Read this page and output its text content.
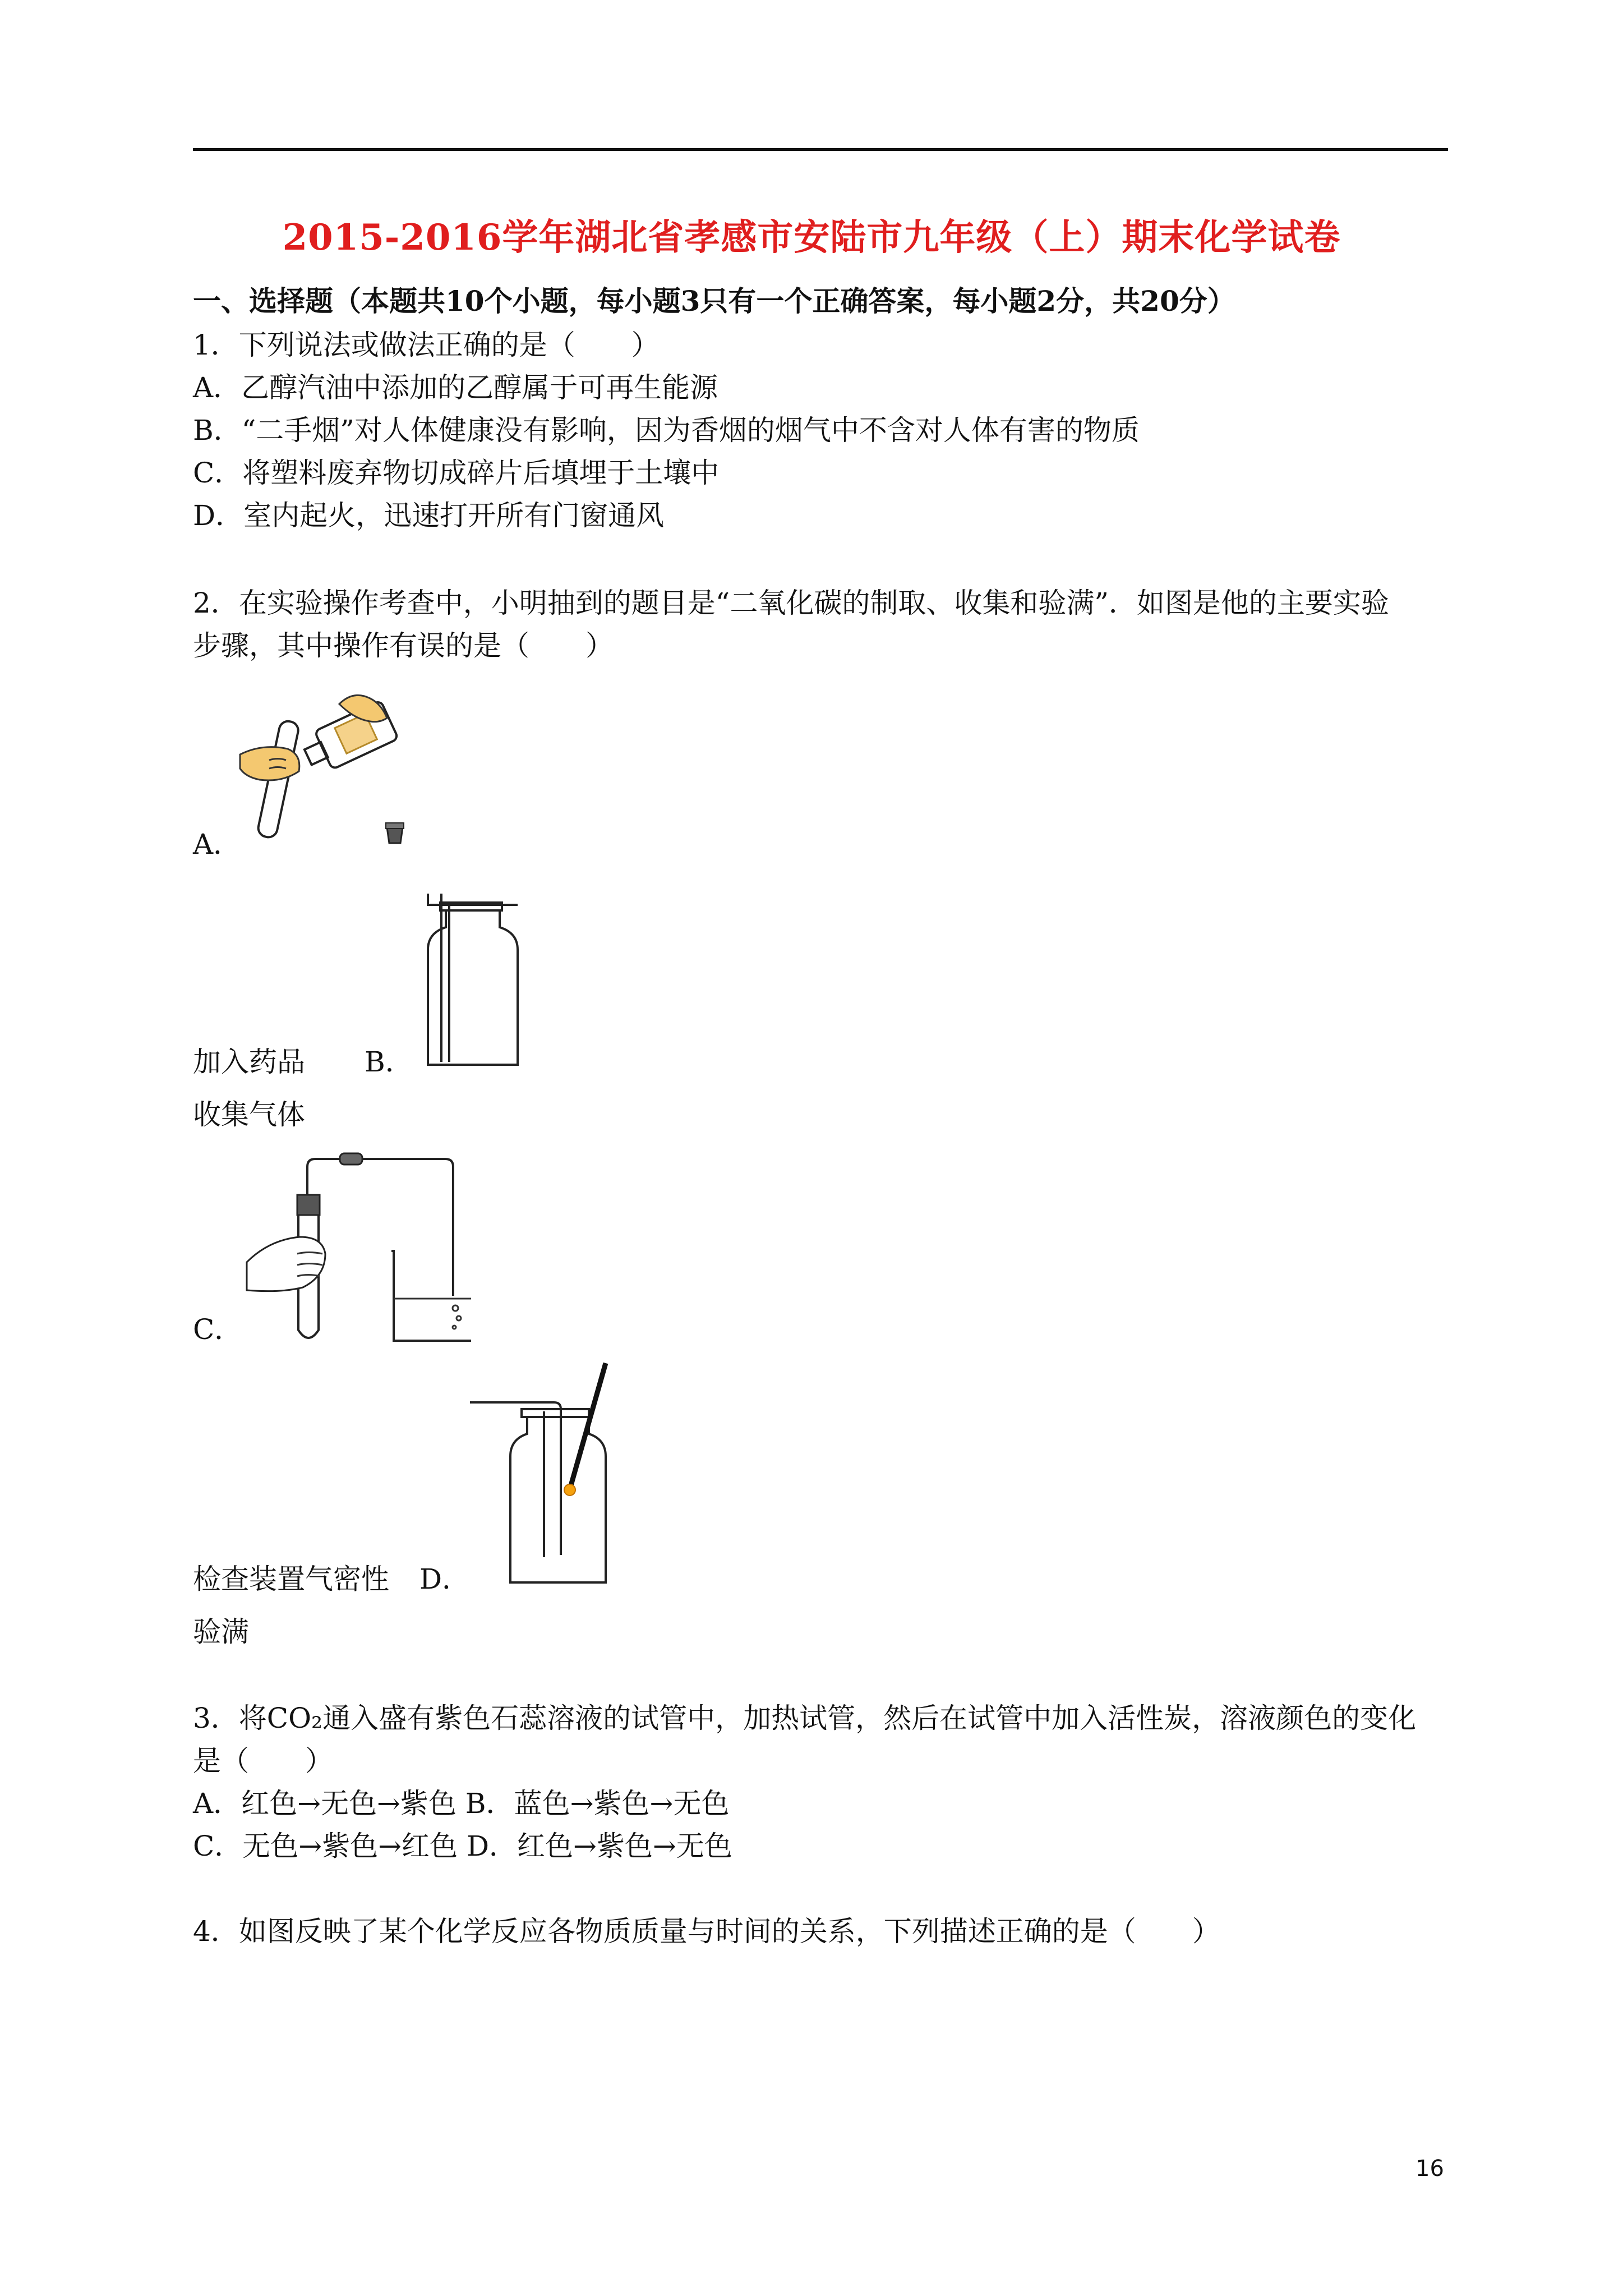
2015-2016学年湖北省孝感市安陆市九年级（上）期末化学试卷
一、选择题（本题共10个小题，每小题3只有一个正确答案，每小题2分，共20分）
1．下列说法或做法正确的是（　　）
A．乙醇汽油中添加的乙醇属于可再生能源
B．“二手烟”对人体健康没有影响，因为香烟的烟气中不含对人体有害的物质
C．将塑料废弃物切成碎片后填埋于土壤中
D．室内起火，迅速打开所有门窗通风
2．在实验操作考查中，小明抽到的题目是“二氧化碳的制取、收集和验满”．如图是他的主要实验
步骤，其中操作有误的是（　　）
A．
加入药品 B．
收集气体
C．
检查装置气密性 D．
验满
3．将CO₂通入盛有紫色石蕊溶液的试管中，加热试管，然后在试管中加入活性炭，溶液颜色的变化
是（　　）
A．红色→无色→紫色 B．蓝色→紫色→无色
C．无色→紫色→红色 D．红色→紫色→无色
4．如图反映了某个化学反应各物质质量与时间的关系，下列描述正确的是（　　）
16
